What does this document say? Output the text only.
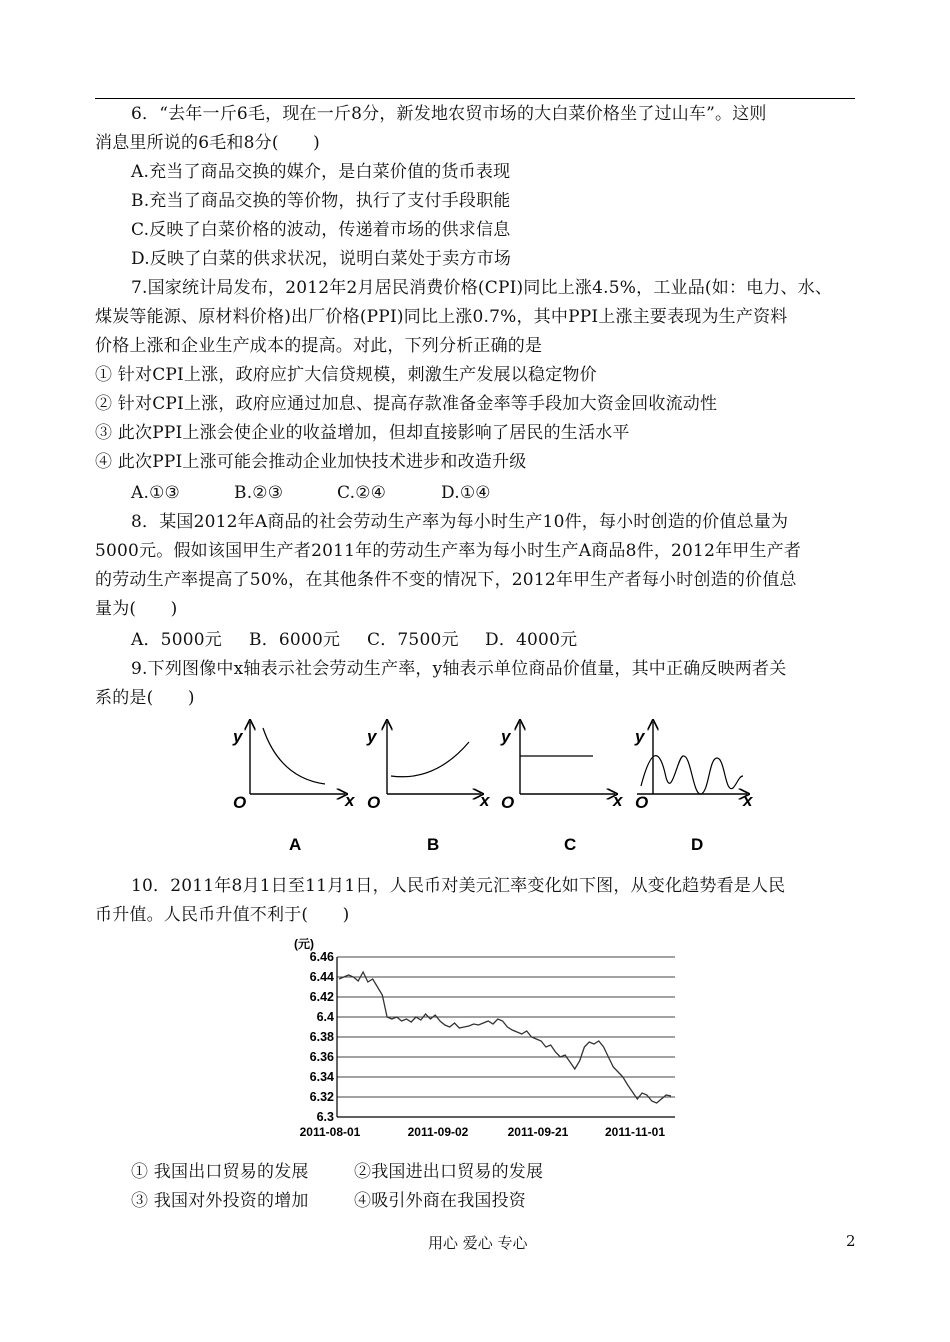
6．“去年一斤6毛，现在一斤8分，新发地农贸市场的大白菜价格坐了过山车”。这则
消息里所说的6毛和8分(　　)
A.充当了商品交换的媒介，是白菜价值的货币表现
B.充当了商品交换的等价物，执行了支付手段职能
C.反映了白菜价格的波动，传递着市场的供求信息
D.反映了白菜的供求状况，说明白菜处于卖方市场
7.国家统计局发布，2012年2月居民消费价格(CPI)同比上涨4.5%，工业品(如：电力、水、
煤炭等能源、原材料价格)出厂价格(PPI)同比上涨0.7%，其中PPI上涨主要表现为生产资料
价格上涨和企业生产成本的提高。对此，下列分析正确的是
① 针对CPI上涨，政府应扩大信贷规模，刺激生产发展以稳定物价
② 针对CPI上涨，政府应通过加息、提高存款准备金率等手段加大资金回收流动性
③ 此次PPI上涨会使企业的收益增加，但却直接影响了居民的生活水平
④ 此次PPI上涨可能会推动企业加快技术进步和改造升级
A.①③	B.②③	C.②④	D.①④
8．某国2012年A商品的社会劳动生产率为每小时生产10件，每小时创造的价值总量为
5000元。假如该国甲生产者2011年的劳动生产率为每小时生产A商品8件，2012年甲生产者
的劳动生产率提高了50%，在其他条件不变的情况下，2012年甲生产者每小时创造的价值总
量为(　　)
A．5000元 B．6000元 C．7500元 D．4000元
9.下列图像中x轴表示社会劳动生产率，y轴表示单位商品价值量，其中正确反映两者关
系的是(　　)
y
x
O
A
y
x
O
B
y
x
O
C
y
x
O
D
10．2011年8月1日至11月1日，人民币对美元汇率变化如下图，从变化趋势看是人民
币升值。人民币升值不利于(　　)
(元)
6.46
6.44
6.42
6.4
6.38
6.36
6.34
6.32
6.3
2011-08-01	2011-09-02	2011-09-21	2011-11-01
① 我国出口贸易的发展	②我国进出口贸易的发展
③ 我国对外投资的增加	④吸引外商在我国投资
用心 爱心 专心	2
